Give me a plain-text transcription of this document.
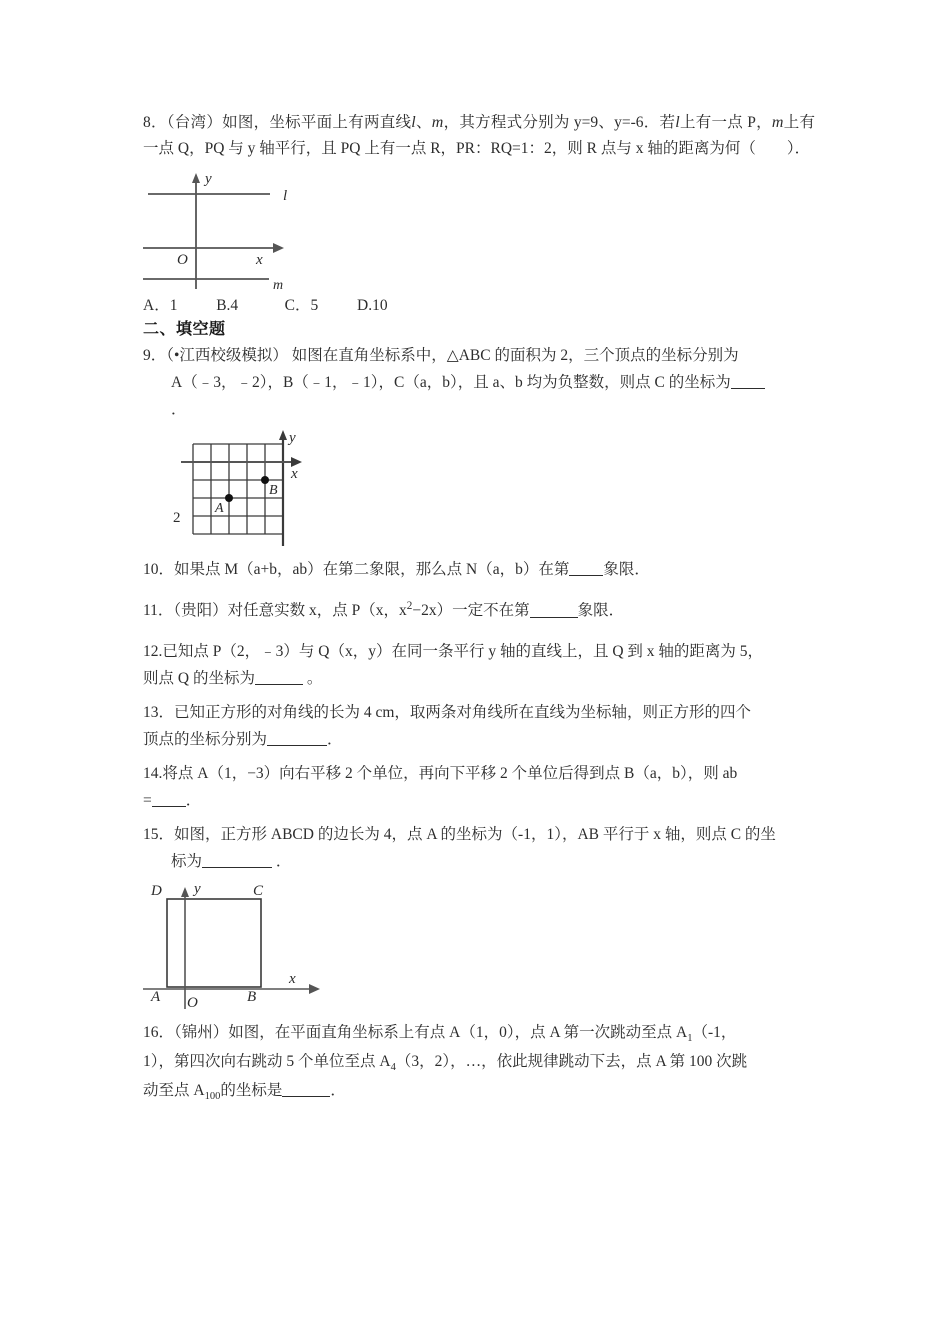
8．（台湾）如图，坐标平面上有两直线l、m，其方程式分别为 y=9、y=-6．若l上有一点 P，m上有一点 Q，PQ 与 y 轴平行，且 PQ 上有一点 R，PR：RQ=1：2，则 R 点与 x 轴的距离为何（　　）．
y
O	x
l
m
A．1	B.4	C．5	D.10
二、填空题
9．（•江西校级模拟） 如图在直角坐标系中，△ABC 的面积为 2，三个顶点的坐标分别为
A（﹣3，﹣2），B（﹣1，﹣1），C（a，b），且 a、b 均为负整数，则点 C 的坐标为
．
A
B
2
x
y
10．如果点 M（a+b，ab）在第二象限，那么点 N（a，b）在第 象限．
11．（贵阳）对任意实数 x，点 P（x，$x^2-2x$）一定不在第	象限．
12.已知点 P（2，﹣3）与 Q（x，y）在同一条平行 y 轴的直线上，且 Q 到 x 轴的距离为 5，
则点 Q 的坐标为	。
13．已知正方形的对角线的长为 4 cm，取两条对角线所在直线为坐标轴，则正方形的四个
顶点的坐标分别为	．
14.将点 A（1，−3）向右平移 2 个单位，再向下平移 2 个单位后得到点 B（a，b），则 ab
= ．
15．如图，正方形 ABCD 的边长为 4，点 A 的坐标为（-1，1），AB 平行于 x 轴，则点 C 的坐
标为	．
D	C
A	B
y
x
O
16．（锦州）如图，在平面直角坐标系上有点 A（1，0），点 A 第一次跳动至点 $A_1(-1$，
1），第四次向右跳动 5 个单位至点 $A_4(3$，2），…，依此规律跳动下去，点 A 第 100 次跳
动至点 $A_{100}$的坐标是	．
